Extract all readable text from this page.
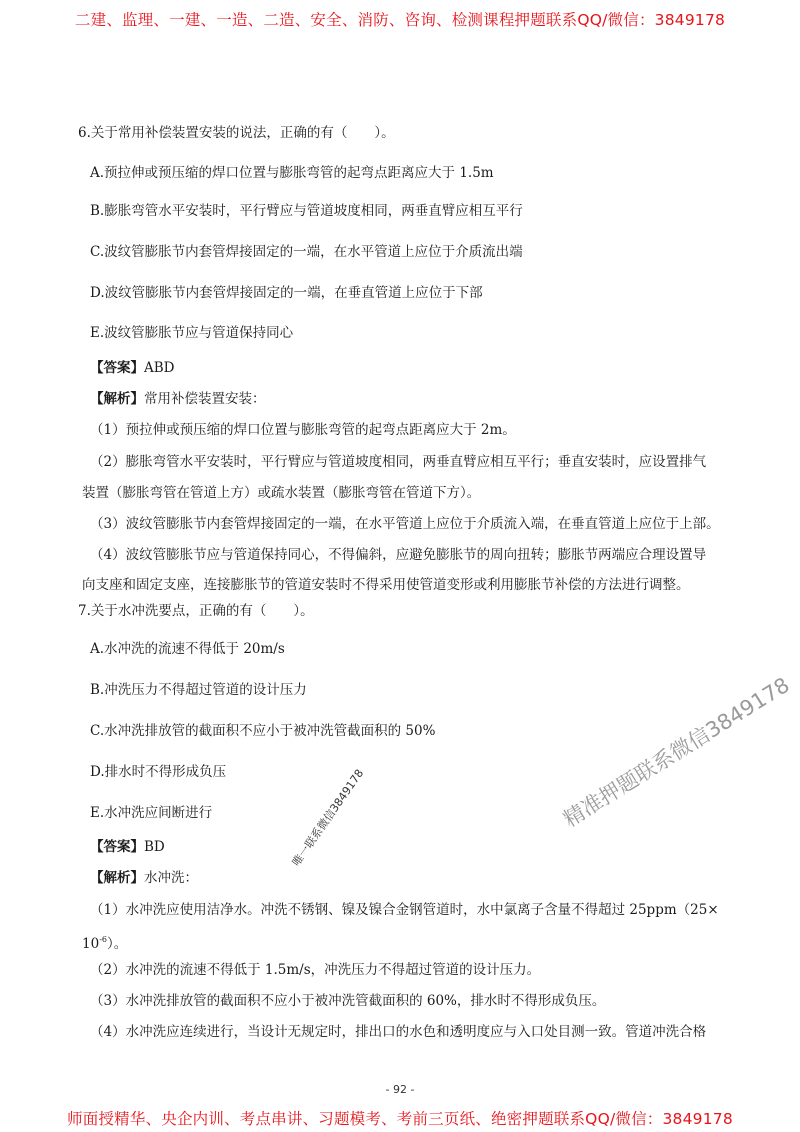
二建、监理、一建、一造、二造、安全、消防、咨询、检测课程押题联系QQ/微信：3849178
6.关于常用补偿装置安装的说法，正确的有（　　）。
A.预拉伸或预压缩的焊口位置与膨胀弯管的起弯点距离应大于 1.5m
B.膨胀弯管水平安装时，平行臂应与管道坡度相同，两垂直臂应相互平行
C.波纹管膨胀节内套管焊接固定的一端，在水平管道上应位于介质流出端
D.波纹管膨胀节内套管焊接固定的一端，在垂直管道上应位于下部
E.波纹管膨胀节应与管道保持同心
【答案】ABD
【解析】常用补偿装置安装：
（1）预拉伸或预压缩的焊口位置与膨胀弯管的起弯点距离应大于 2m。
（2）膨胀弯管水平安装时，平行臂应与管道坡度相同，两垂直臂应相互平行；垂直安装时，应设置排气
装置（膨胀弯管在管道上方）或疏水装置（膨胀弯管在管道下方）。
（3）波纹管膨胀节内套管焊接固定的一端，在水平管道上应位于介质流入端，在垂直管道上应位于上部。
（4）波纹管膨胀节应与管道保持同心，不得偏斜，应避免膨胀节的周向扭转；膨胀节两端应合理设置导
向支座和固定支座，连接膨胀节的管道安装时不得采用使管道变形或利用膨胀节补偿的方法进行调整。
7.关于水冲洗要点，正确的有（　　）。
A.水冲洗的流速不得低于 20m/s
B.冲洗压力不得超过管道的设计压力
C.水冲洗排放管的截面积不应小于被冲洗管截面积的 50%
D.排水时不得形成负压
E.水冲洗应间断进行
【答案】BD
【解析】水冲洗：
（1）水冲洗应使用洁净水。冲洗不锈钢、镍及镍合金钢管道时，水中氯离子含量不得超过 25ppm（25×
$10^{-6}$）。
（2）水冲洗的流速不得低于 1.5m/s，冲洗压力不得超过管道的设计压力。
（3）水冲洗排放管的截面积不应小于被冲洗管截面积的 60%，排水时不得形成负压。
（4）水冲洗应连续进行，当设计无规定时，排出口的水色和透明度应与入口处目测一致。管道冲洗合格
精准押题联系微信3849178
唯一联系微信3849178
- 92 -
师面授精华、央企内训、考点串讲、习题模考、考前三页纸、绝密押题联系QQ/微信：3849178
